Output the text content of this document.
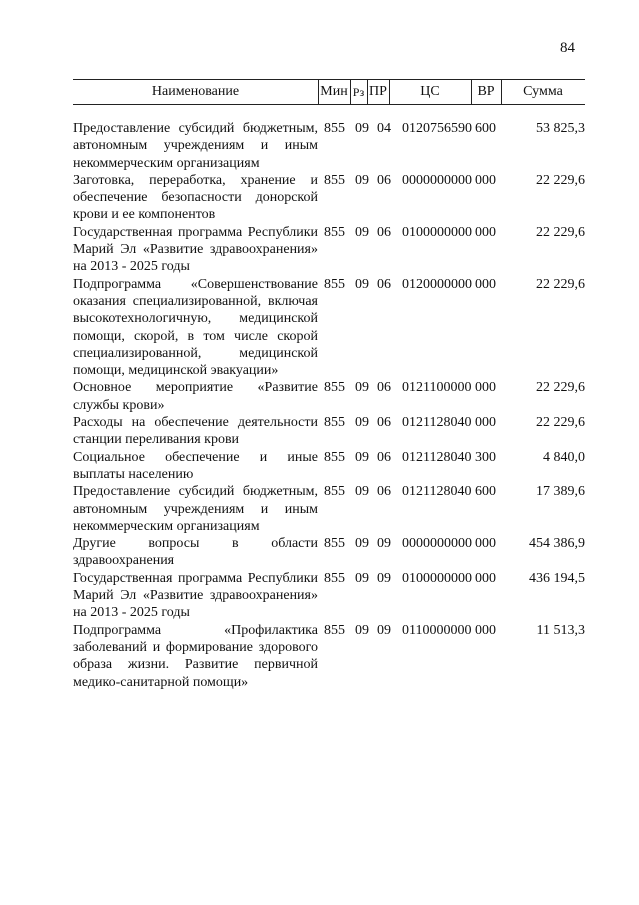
84
Наименование	Мин Рз ПР	ЦС	ВР	Сумма
Предоставление субсидий бюджетным, автономным учреждениям и иным некоммерческим организациям
855 09 04 0120756590 600	53 825,3
Заготовка, переработка, хранение и обеспечение безопасности донорской крови и ее компонентов
855 09 06 0000000000 000	22 229,6
Государственная программа Республики Марий Эл «Развитие здравоохранения» на 2013 - 2025 годы
855 09 06 0100000000 000	22 229,6
Подпрограмма «Совершенствование оказания специализированной, включая высокотехнологичную, медицинской помощи, скорой, в том числе скорой специализированной, медицинской помощи, медицинской эвакуации»
855 09 06 0120000000 000	22 229,6
Основное мероприятие «Развитие службы крови»
855 09 06 0121100000 000	22 229,6
Расходы на обеспечение деятельности станции переливания крови
855 09 06 0121128040 000	22 229,6
Социальное обеспечение и иные выплаты населению
855 09 06 0121128040 300	4 840,0
Предоставление субсидий бюджетным, автономным учреждениям и иным некоммерческим организациям
855 09 06 0121128040 600	17 389,6
Другие вопросы в области здравоохранения
855 09 09 0000000000 000 454 386,9
Государственная программа Республики Марий Эл «Развитие здравоохранения» на 2013 - 2025 годы
855 09 09 0100000000 000 436 194,5
Подпрограмма «Профилактика заболеваний и формирование здорового образа жизни. Развитие первичной медико-санитарной помощи»
855 09 09 0110000000 000	11 513,3
